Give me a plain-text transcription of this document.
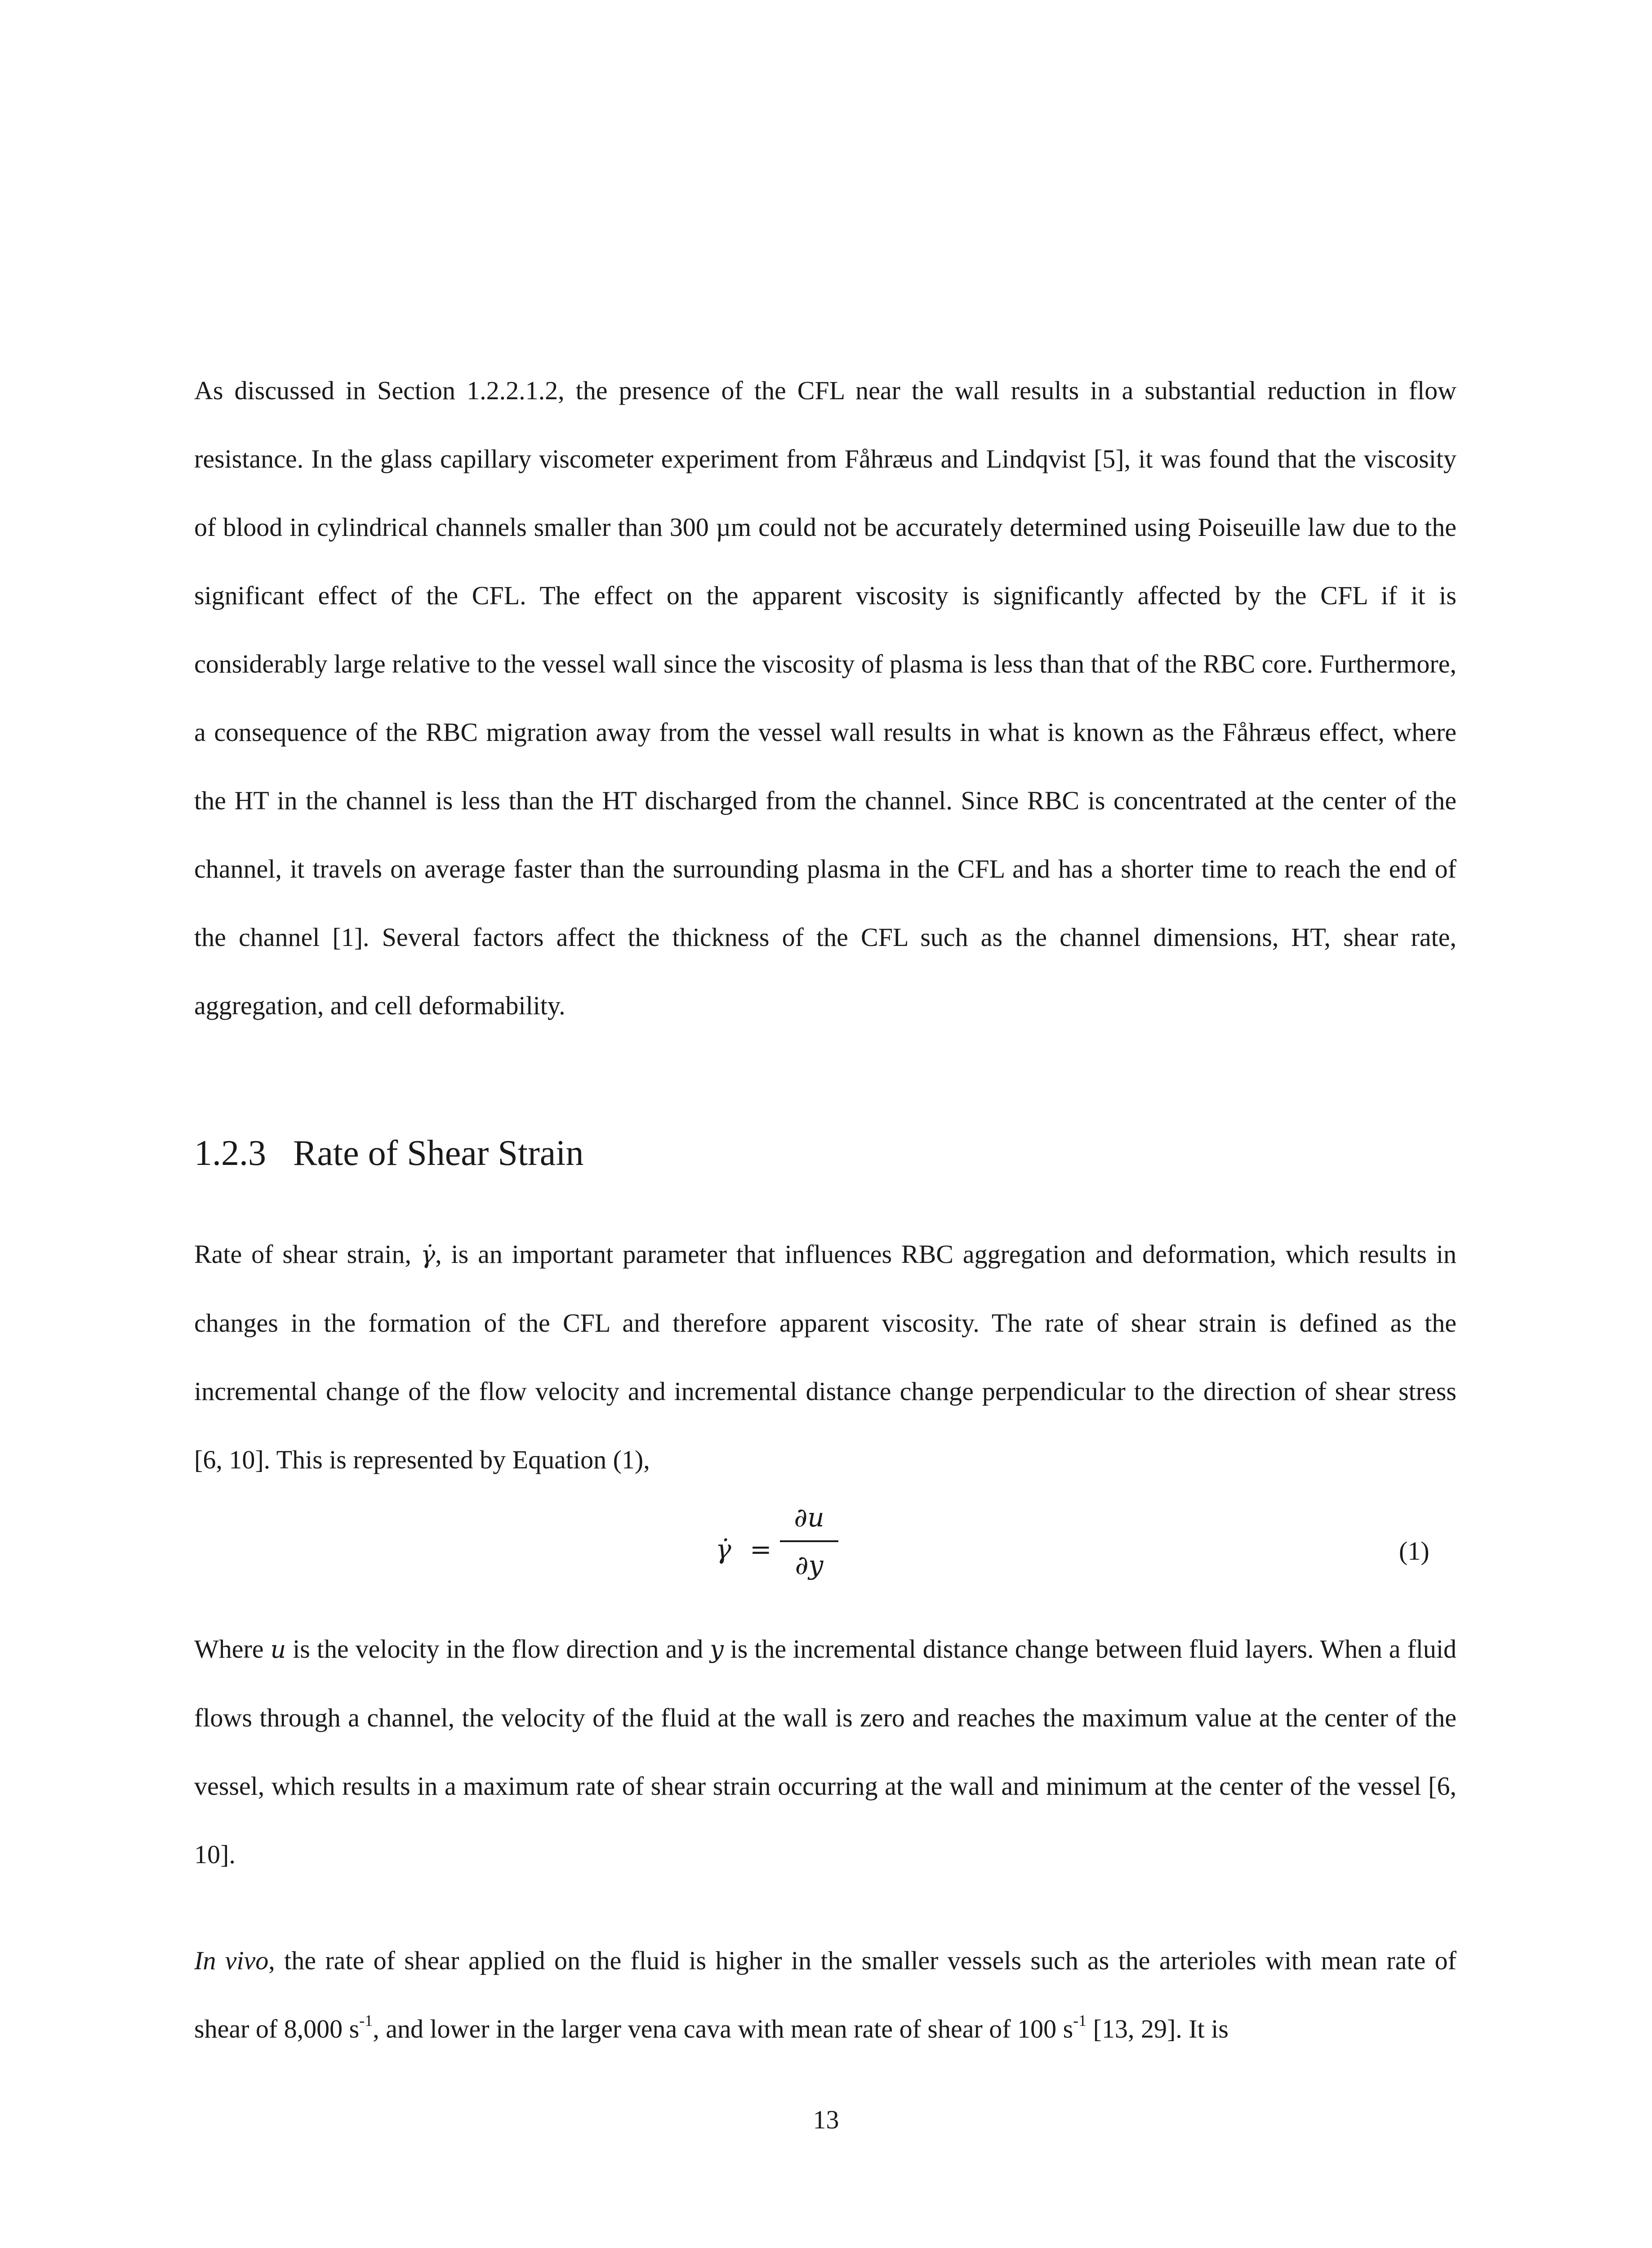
As discussed in Section 1.2.2.1.2, the presence of the CFL near the wall results in a substantial reduction in flow resistance. In the glass capillary viscometer experiment from Fåhræus and Lindqvist [5], it was found that the viscosity of blood in cylindrical channels smaller than 300 µm could not be accurately determined using Poiseuille law due to the significant effect of the CFL. The effect on the apparent viscosity is significantly affected by the CFL if it is considerably large relative to the vessel wall since the viscosity of plasma is less than that of the RBC core. Furthermore, a consequence of the RBC migration away from the vessel wall results in what is known as the Fåhræus effect, where the HT in the channel is less than the HT discharged from the channel. Since RBC is concentrated at the center of the channel, it travels on average faster than the surrounding plasma in the CFL and has a shorter time to reach the end of the channel [1]. Several factors affect the thickness of the CFL such as the channel dimensions, HT, shear rate, aggregation, and cell deformability.

1.2.3 Rate of Shear Strain

Rate of shear strain, γ̇, is an important parameter that influences RBC aggregation and deformation, which results in changes in the formation of the CFL and therefore apparent viscosity. The rate of shear strain is defined as the incremental change of the flow velocity and incremental distance change perpendicular to the direction of shear stress [6, 10]. This is represented by Equation (1),

γ̇ =
∂u
∂y	(1)

Where u is the velocity in the flow direction and y is the incremental distance change between fluid layers. When a fluid flows through a channel, the velocity of the fluid at the wall is zero and reaches the maximum value at the center of the vessel, which results in a maximum rate of shear strain occurring at the wall and minimum at the center of the vessel [6, 10].

In vivo, the rate of shear applied on the fluid is higher in the smaller vessels such as the arterioles with mean rate of shear of 8,000 $s^{-1}$, and lower in the larger vena cava with mean rate of shear of 100 $s^{-1}$ [13, 29]. It is

13
